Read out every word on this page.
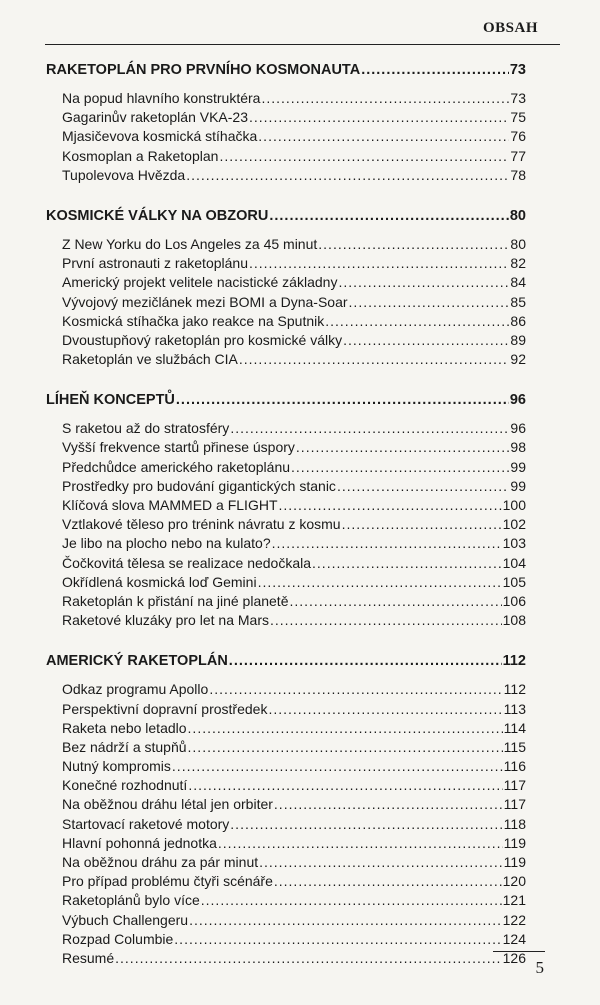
OBSAH
RAKETOPLÁN PRO PRVNÍHO KOSMONAUTA .....	73
Na popud hlavního konstruktéra .....	73
Gagarinův raketoplán VKA-23 .....	75
Mjasičevova kosmická stíhačka .....	76
Kosmoplan a Raketoplan .....	77
Tupolevova Hvězda .....	78
KOSMICKÉ VÁLKY NA OBZORU .....	80
Z New Yorku do Los Angeles za 45 minut .....	80
První astronauti z raketoplánu .....	82
Americký projekt velitele nacistické základny .....	84
Vývojový mezičlánek mezi BOMI a Dyna-Soar .....	85
Kosmická stíhačka jako reakce na Sputnik .....	86
Dvoustupňový raketoplán pro kosmické války .....	89
Raketoplán ve službách CIA .....	92
LÍHEŇ KONCEPTŮ .....	96
S raketou až do stratosféry .....	96
Vyšší frekvence startů přinese úspory .....	98
Předchůdce amerického raketoplánu .....	99
Prostředky pro budování gigantických stanic .....	99
Klíčová slova MAMMED a FLIGHT .....	100
Vztlakové těleso pro trénink návratu z kosmu .....	102
Je libo na plocho nebo na kulato? .....	103
Čočkovitá tělesa se realizace nedočkala .....	104
Okřídlená kosmická loď Gemini .....	105
Raketoplán k přistání na jiné planetě .....	106
Raketové kluzáky pro let na Mars .....	108
AMERICKÝ RAKETOPLÁN .....	112
Odkaz programu Apollo .....	112
Perspektivní dopravní prostředek .....	113
Raketa nebo letadlo .....	114
Bez nádrží a stupňů .....	115
Nutný kompromis .....	116
Konečné rozhodnutí .....	117
Na oběžnou dráhu létal jen orbiter .....	117
Startovací raketové motory .....	118
Hlavní pohonná jednotka .....	119
Na oběžnou dráhu za pár minut .....	119
Pro případ problému čtyři scénáře .....	120
Raketoplánů bylo více .....	121
Výbuch Challengeru .....	122
Rozpad Columbie .....	124
Resumé .....	126
5
